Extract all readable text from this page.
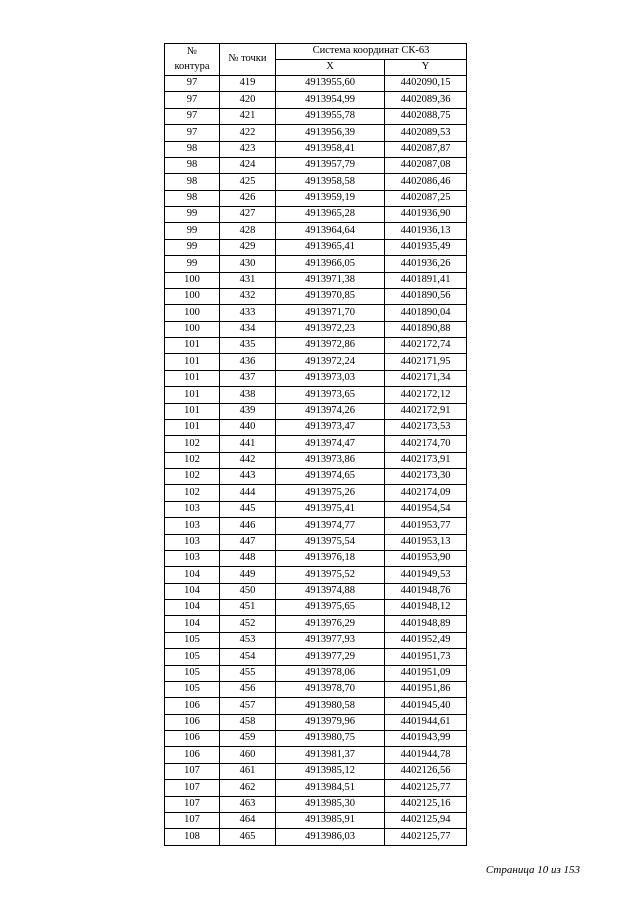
№
контура	№ точки	Система координат СК-63	
		X	Y
97	419	4913955,60	4402090,15
97	420	4913954,99	4402089,36
97	421	4913955,78	4402088,75
97	422	4913956,39	4402089,53
98	423	4913958,41	4402087,87
98	424	4913957,79	4402087,08
98	425	4913958,58	4402086,46
98	426	4913959,19	4402087,25
99	427	4913965,28	4401936,90
99	428	4913964,64	4401936,13
99	429	4913965,41	4401935,49
99	430	4913966,05	4401936,26
100	431	4913971,38	4401891,41
100	432	4913970,85	4401890,56
100	433	4913971,70	4401890,04
100	434	4913972,23	4401890,88
101	435	4913972,86	4402172,74
101	436	4913972,24	4402171,95
101	437	4913973,03	4402171,34
101	438	4913973,65	4402172,12
101	439	4913974,26	4402172,91
101	440	4913973,47	4402173,53
102	441	4913974,47	4402174,70
102	442	4913973,86	4402173,91
102	443	4913974,65	4402173,30
102	444	4913975,26	4402174,09
103	445	4913975,41	4401954,54
103	446	4913974,77	4401953,77
103	447	4913975,54	4401953,13
103	448	4913976,18	4401953,90
104	449	4913975,52	4401949,53
104	450	4913974,88	4401948,76
104	451	4913975,65	4401948,12
104	452	4913976,29	4401948,89
105	453	4913977,93	4401952,49
105	454	4913977,29	4401951,73
105	455	4913978,06	4401951,09
105	456	4913978,70	4401951,86
106	457	4913980,58	4401945,40
106	458	4913979,96	4401944,61
106	459	4913980,75	4401943,99
106	460	4913981,37	4401944,78
107	461	4913985,12	4402126,56
107	462	4913984,51	4402125,77
107	463	4913985,30	4402125,16
107	464	4913985,91	4402125,94
108	465	4913986,03	4402125,77
Страница 10 из 153
